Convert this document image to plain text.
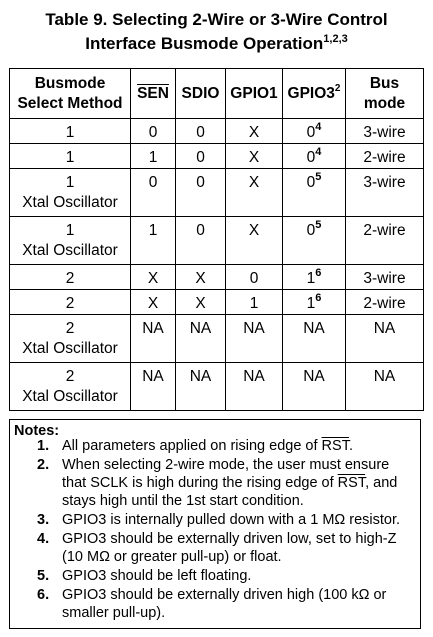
Table 9. Selecting 2-Wire or 3-Wire Control
Interface Busmode Operation$^{1,2,3}$
Busmode
Select Method	$\overline{SEN}$	SDIO	GPIO1	$GPIO3^2$	Bus
mode
1	0	0	X	$0^4$	3-wire
1	1	0	X	$0^4$	2-wire
1
Xtal Oscillator	0	0	X	$0^5$	3-wire
1
Xtal Oscillator	1	0	X	$0^5$	2-wire
2	X	X	0	$1^6$	3-wire
2	X	X	1	$1^6$	2-wire
2
Xtal Oscillator	NA	NA	NA	NA	NA
2
Xtal Oscillator	NA	NA	NA	NA	NA
Notes:
1. All parameters applied on rising edge of $\overline{RST}$.
2. When selecting 2-wire mode, the user must ensure that SCLK is high during the rising edge of $\overline{RST}$, and stays high until the 1st start condition.
3. GPIO3 is internally pulled down with a 1 MΩ resistor.
4. GPIO3 should be externally driven low, set to high-Z (10 MΩ or greater pull-up) or float.
5. GPIO3 should be left floating.
6. GPIO3 should be externally driven high (100 kΩ or smaller pull-up).
